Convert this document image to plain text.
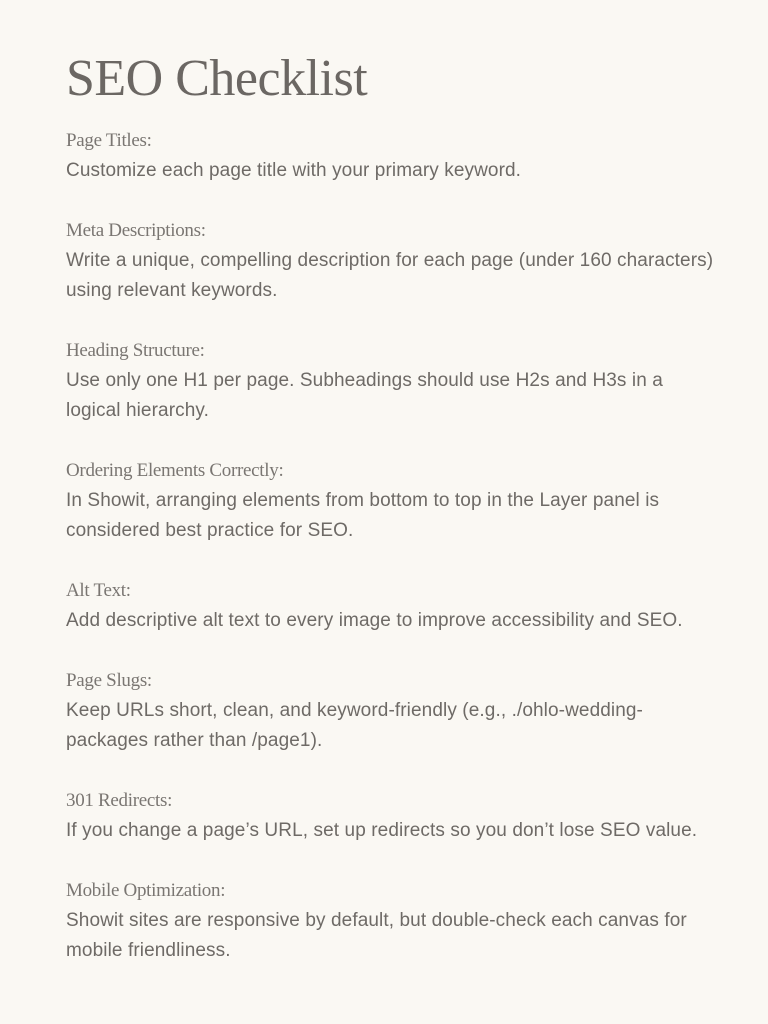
SEO Checklist

Page Titles:

Customize each page title with your primary keyword.

Meta Descriptions:

Write a unique, compelling description for each page (under 160 characters) using relevant keywords.

Heading Structure:

Use only one H1 per page. Subheadings should use H2s and H3s in a logical hierarchy.

Ordering Elements Correctly:

In Showit, arranging elements from bottom to top in the Layer panel is considered best practice for SEO.

Alt Text:

Add descriptive alt text to every image to improve accessibility and SEO.

Page Slugs:

Keep URLs short, clean, and keyword-friendly (e.g., ./ohlo-wedding-packages rather than /page1).

301 Redirects:

If you change a page’s URL, set up redirects so you don’t lose SEO value.

Mobile Optimization:

Showit sites are responsive by default, but double-check each canvas for mobile friendliness.
